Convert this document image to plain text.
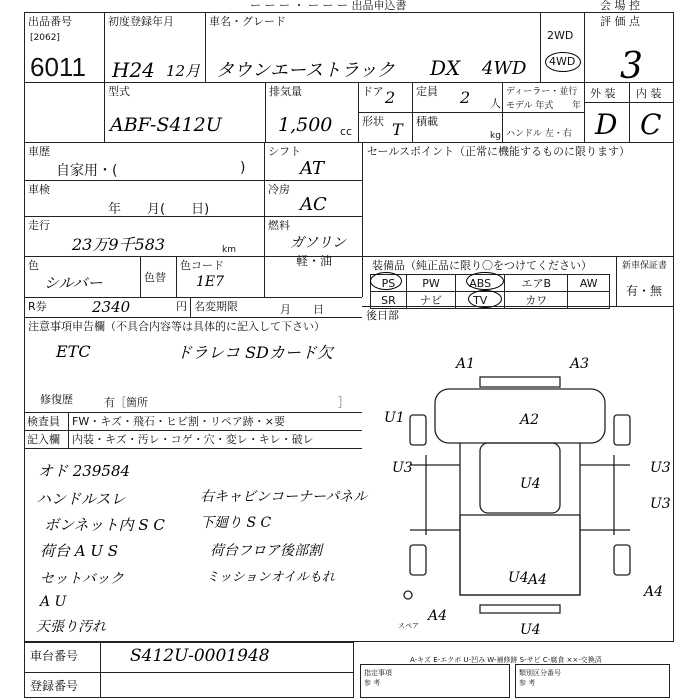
ー ー ー ・ ー ー ー 出品申込書	会 場 控
出品番号
[2062]
6011
初度登録年月
H24 12月
車名・グレード
タウンエーストラック DX 4WD
2WD
4WD
評 価 点
3
外 装 内 装
D C
型式
ABF-S412U
排気量
1,500 cc
ドア 2 定員 2 人
ディーラー・並行
モデル 年式 年
形状 T 積載
kg ハンドル 左・右
車歴
自家用・(	)
シフト
AT
車検
年　　月(　　日)
冷房
AC
走行
23万9千583	km
燃料
ガソリン
軽・油
色
シルバー	色替
色コード
1E7
R券	2340	円 名変期限	月　　日
セールスポイント（正常に機能するものに限ります）
装備品（純正品に限り〇をつけてください）	新車保証書
有・無
PS	PW	ABS	エアB	AW
SR	ナビ	TV	カワ	
後日部
注意事項申告欄（不具合内容等は具体的に記入して下さい）
ETC	ドラレコ SDカード欠
修復歴	有［箇所	］
検査員
記入欄
FW・キズ・飛石・ヒビ割・リペア跡・×要
内装・キズ・汚レ・コゲ・穴・変レ・キレ・破レ
オド 239584
ハンドルスレ
ボンネット内 S C
荷台 A U S
セットバック
A U
天張り汚れ
右キャビンコーナーパネル
下廻り S C
荷台フロア後部割
ミッションオイルもれ
A1	A3
U1	A2
U3	U3
U4
U3
U4 A4
A4
A4
U4
スペア
車台番号	S412U-0001948
登録番号
A-キズ E-エクボ U-凹み W-補修跡 S-サビ C-腐食 ××-交換済
指定事項
参 考
類別区分番号
参 考
